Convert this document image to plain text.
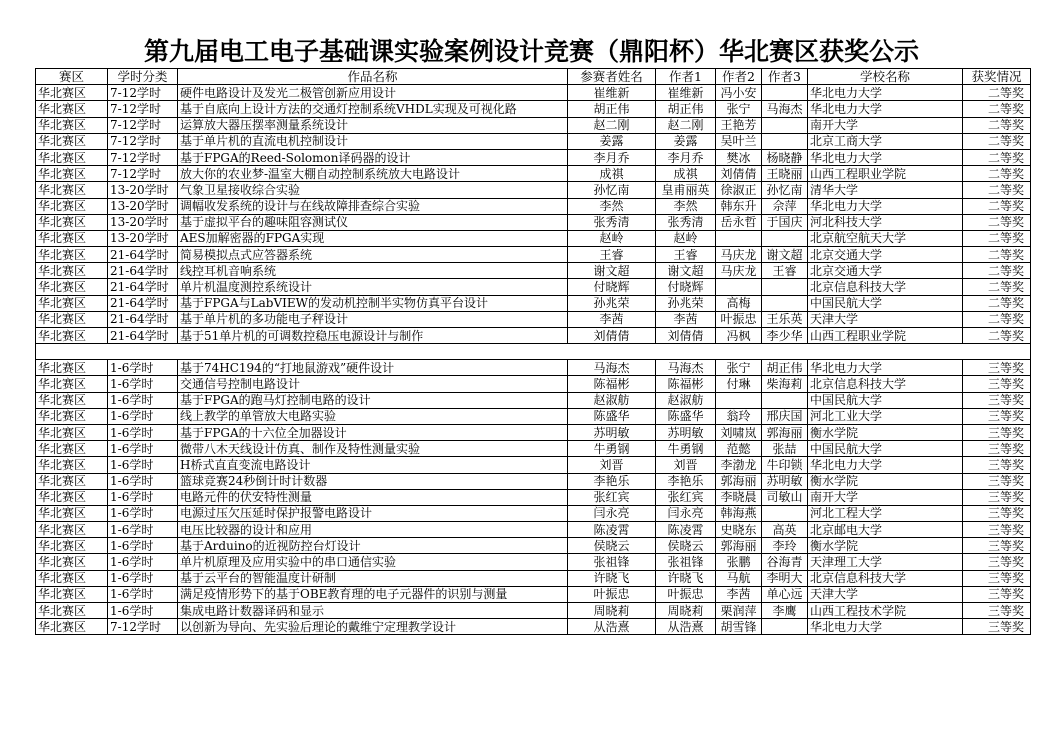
第九届电工电子基础课实验案例设计竞赛（鼎阳杯）华北赛区获奖公示
赛区	学时分类	作品名称	参赛者姓名	作者1	作者2	作者3	学校名称	获奖情况
华北赛区	7-12学时	硬件电路设计及发光二极管创新应用设计	崔维新	崔维新	冯小安		华北电力大学	二等奖
华北赛区	7-12学时	基于自底向上设计方法的交通灯控制系统VHDL实现及可视化路	胡正伟	胡正伟	张宁	马海杰	华北电力大学	二等奖
华北赛区	7-12学时	运算放大器压摆率测量系统设计	赵二刚	赵二刚	王艳芳		南开大学	二等奖
华北赛区	7-12学时	基于单片机的直流电机控制设计	姜露	姜露	吴叶兰		北京工商大学	二等奖
华北赛区	7-12学时	基于FPGA的Reed-Solomon译码器的设计	李月乔	李月乔	樊冰	杨晓静	华北电力大学	二等奖
华北赛区	7-12学时	放大你的农业梦-温室大棚自动控制系统放大电路设计	成祺	成祺	刘倩倩	王晓丽	山西工程职业学院	二等奖
华北赛区	13-20学时	气象卫星接收综合实验	孙忆南	皇甫丽英	徐淑正	孙忆南	清华大学	二等奖
华北赛区	13-20学时	调幅收发系统的设计与在线故障排查综合实验	李然	李然	韩东升	佘萍	华北电力大学	二等奖
华北赛区	13-20学时	基于虚拟平台的趣味阻容测试仪	张秀清	张秀清	岳永哲	于国庆	河北科技大学	二等奖
华北赛区	13-20学时	AES加解密器的FPGA实现	赵岭	赵岭			北京航空航天大学	二等奖
华北赛区	21-64学时	简易模拟点式应答器系统	王睿	王睿	马庆龙	谢文超	北京交通大学	二等奖
华北赛区	21-64学时	线控耳机音响系统	谢文超	谢文超	马庆龙	王睿	北京交通大学	二等奖
华北赛区	21-64学时	单片机温度测控系统设计	付晓辉	付晓辉			北京信息科技大学	二等奖
华北赛区	21-64学时	基于FPGA与LabVIEW的发动机控制半实物仿真平台设计	孙兆荣	孙兆荣	高梅		中国民航大学	二等奖
华北赛区	21-64学时	基于单片机的多功能电子秤设计	李茜	李茜	叶振忠	王乐英	天津大学	二等奖
华北赛区	21-64学时	基于51单片机的可调数控稳压电源设计与制作	刘倩倩	刘倩倩	冯枫	李少华	山西工程职业学院	二等奖

华北赛区	1-6学时	基于74HC194的“打地鼠游戏”硬件设计	马海杰	马海杰	张宁	胡正伟	华北电力大学	三等奖
华北赛区	1-6学时	交通信号控制电路设计	陈福彬	陈福彬	付琳	柴海莉	北京信息科技大学	三等奖
华北赛区	1-6学时	基于FPGA的跑马灯控制电路的设计	赵淑舫	赵淑舫			中国民航大学	三等奖
华北赛区	1-6学时	线上教学的单管放大电路实验	陈盛华	陈盛华	翁玲	邢庆国	河北工业大学	三等奖
华北赛区	1-6学时	基于FPGA的十六位全加器设计	苏明敏	苏明敏	刘啸岚	郭海丽	衡水学院	三等奖
华北赛区	1-6学时	微带八木天线设计仿真、制作及特性测量实验	牛勇钢	牛勇钢	范懿	张喆	中国民航大学	三等奖
华北赛区	1-6学时	H桥式直直变流电路设计	刘晋	刘晋	李渤龙	牛印锁	华北电力大学	三等奖
华北赛区	1-6学时	篮球竞赛24秒倒计时计数器	李艳乐	李艳乐	郭海丽	苏明敏	衡水学院	三等奖
华北赛区	1-6学时	电路元件的伏安特性测量	张红宾	张红宾	李晓晨	司敏山	南开大学	三等奖
华北赛区	1-6学时	电源过压欠压延时保护报警电路设计	闫永亮	闫永亮	韩海燕		河北工程大学	三等奖
华北赛区	1-6学时	电压比较器的设计和应用	陈凌霄	陈凌霄	史晓东	高英	北京邮电大学	三等奖
华北赛区	1-6学时	基于Arduino的近视防控台灯设计	侯晓云	侯晓云	郭海丽	李玲	衡水学院	三等奖
华北赛区	1-6学时	单片机原理及应用实验中的串口通信实验	张祖锋	张祖锋	张鹏	谷海青	天津理工大学	三等奖
华北赛区	1-6学时	基于云平台的智能温度计研制	许晓飞	许晓飞	马航	李明大	北京信息科技大学	三等奖
华北赛区	1-6学时	满足疫情形势下的基于OBE教育理的电子元器件的识别与测量	叶振忠	叶振忠	李茜	单心远	天津大学	三等奖
华北赛区	1-6学时	集成电路计数器译码和显示	周晓莉	周晓莉	栗润萍	李鹰	山西工程技术学院	三等奖
华北赛区	7-12学时	以创新为导向、先实验后理论的戴维宁定理教学设计	从浩熹	从浩熹	胡雪锋		华北电力大学	三等奖
